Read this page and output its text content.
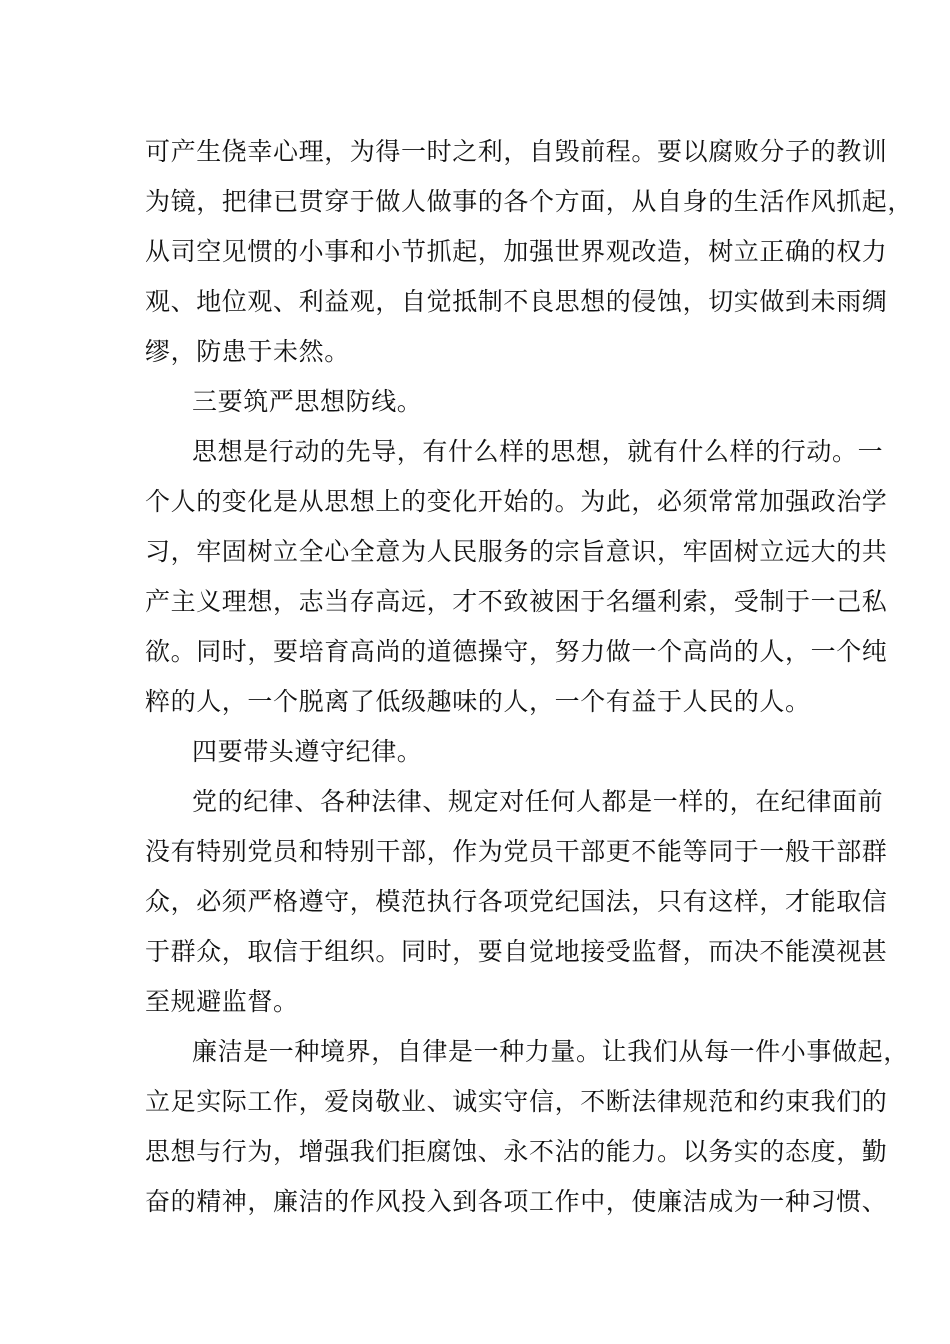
可产生侥幸心理，为得一时之利，自毁前程。要以腐败分子的教训
为镜，把律已贯穿于做人做事的各个方面，从自身的生活作风抓起，
从司空见惯的小事和小节抓起，加强世界观改造，树立正确的权力
观、地位观、利益观，自觉抵制不良思想的侵蚀，切实做到未雨绸
缪，防患于未然。
三要筑严思想防线。
思想是行动的先导，有什么样的思想，就有什么样的行动。一
个人的变化是从思想上的变化开始的。为此，必须常常加强政治学
习，牢固树立全心全意为人民服务的宗旨意识，牢固树立远大的共
产主义理想，志当存高远，才不致被困于名缰利索，受制于一己私
欲。同时，要培育高尚的道德操守，努力做一个高尚的人，一个纯
粹的人，一个脱离了低级趣味的人，一个有益于人民的人。
四要带头遵守纪律。
党的纪律、各种法律、规定对任何人都是一样的，在纪律面前
没有特别党员和特别干部，作为党员干部更不能等同于一般干部群
众，必须严格遵守，模范执行各项党纪国法，只有这样，才能取信
于群众，取信于组织。同时，要自觉地接受监督，而决不能漠视甚
至规避监督。
廉洁是一种境界，自律是一种力量。让我们从每一件小事做起，
立足实际工作，爱岗敬业、诚实守信，不断法律规范和约束我们的
思想与行为，增强我们拒腐蚀、永不沾的能力。以务实的态度，勤
奋的精神，廉洁的作风投入到各项工作中，使廉洁成为一种习惯、
